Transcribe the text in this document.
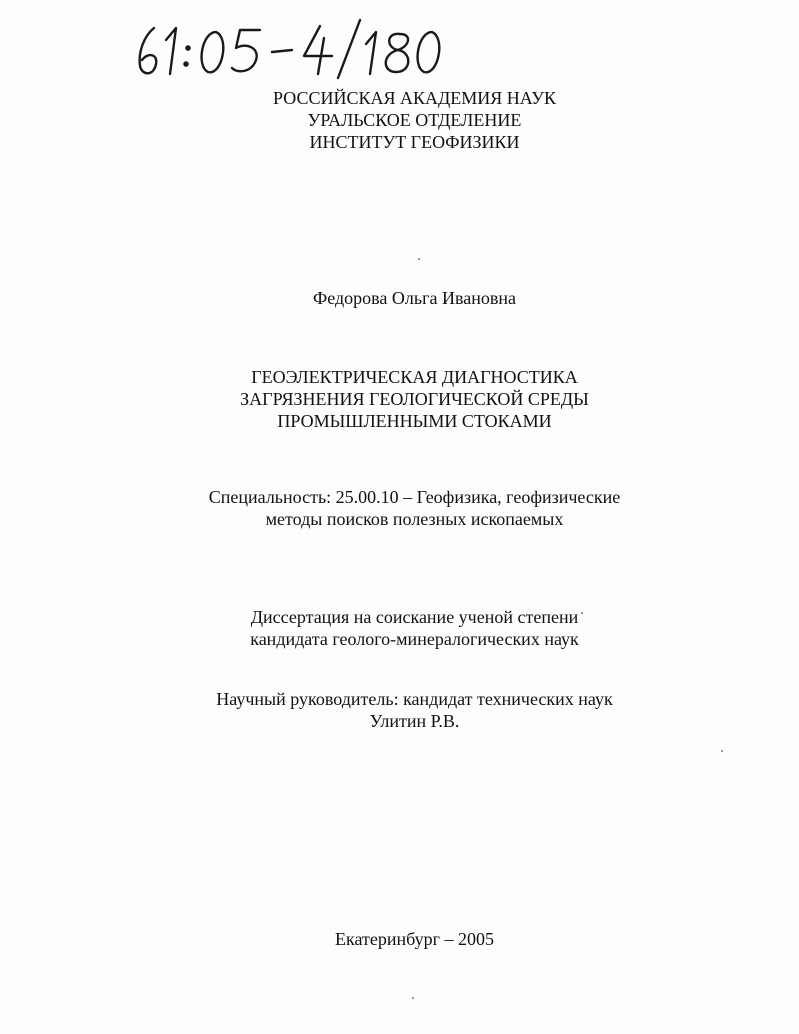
РОССИЙСКАЯ АКАДЕМИЯ НАУК
УРАЛЬСКОЕ ОТДЕЛЕНИЕ
ИНСТИТУТ ГЕОФИЗИКИ
Федорова Ольга Ивановна
ГЕОЭЛЕКТРИЧЕСКАЯ ДИАГНОСТИКА
ЗАГРЯЗНЕНИЯ ГЕОЛОГИЧЕСКОЙ СРЕДЫ
ПРОМЫШЛЕННЫМИ СТОКАМИ
Специальность: 25.00.10 – Геофизика, геофизические
методы поисков полезных ископаемых
Диссертация на соискание ученой степени
кандидата геолого-минералогических наук
Научный руководитель: кандидат технических наук
Улитин Р.В.
Екатеринбург – 2005
